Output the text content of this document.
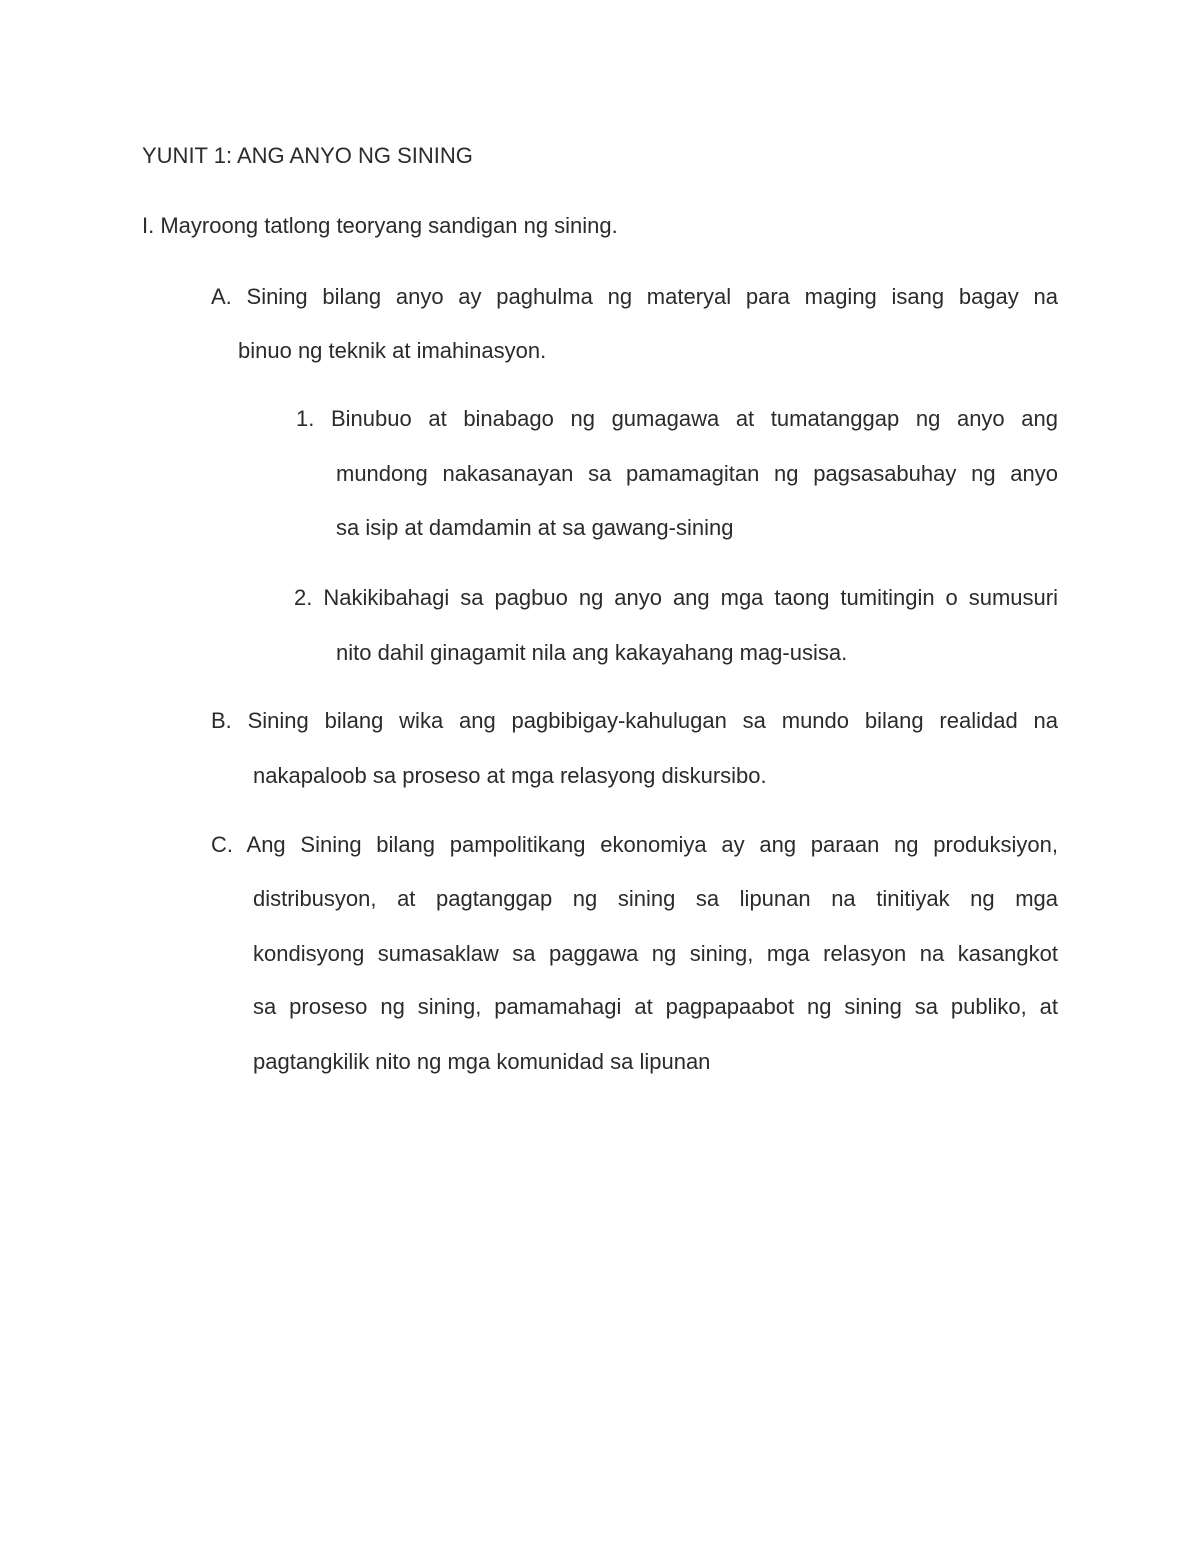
YUNIT 1: ANG ANYO NG SINING
I. Mayroong tatlong teoryang sandigan ng sining.
A. Sining bilang anyo ay paghulma ng materyal para maging isang bagay na
binuo ng teknik at imahinasyon.
1. Binubuo at binabago ng gumagawa at tumatanggap ng anyo ang
mundong nakasanayan sa pamamagitan ng pagsasabuhay ng anyo
sa isip at damdamin at sa gawang-sining
2. Nakikibahagi sa pagbuo ng anyo ang mga taong tumitingin o sumusuri
nito dahil ginagamit nila ang kakayahang mag-usisa.
B. Sining bilang wika ang pagbibigay-kahulugan sa mundo bilang realidad na
nakapaloob sa proseso at mga relasyong diskursibo.
C. Ang Sining bilang pampolitikang ekonomiya ay ang paraan ng produksiyon,
distribusyon, at pagtanggap ng sining sa lipunan na tinitiyak ng mga
kondisyong sumasaklaw sa paggawa ng sining, mga relasyon na kasangkot
sa proseso ng sining, pamamahagi at pagpapaabot ng sining sa publiko, at
pagtangkilik nito ng mga komunidad sa lipunan
